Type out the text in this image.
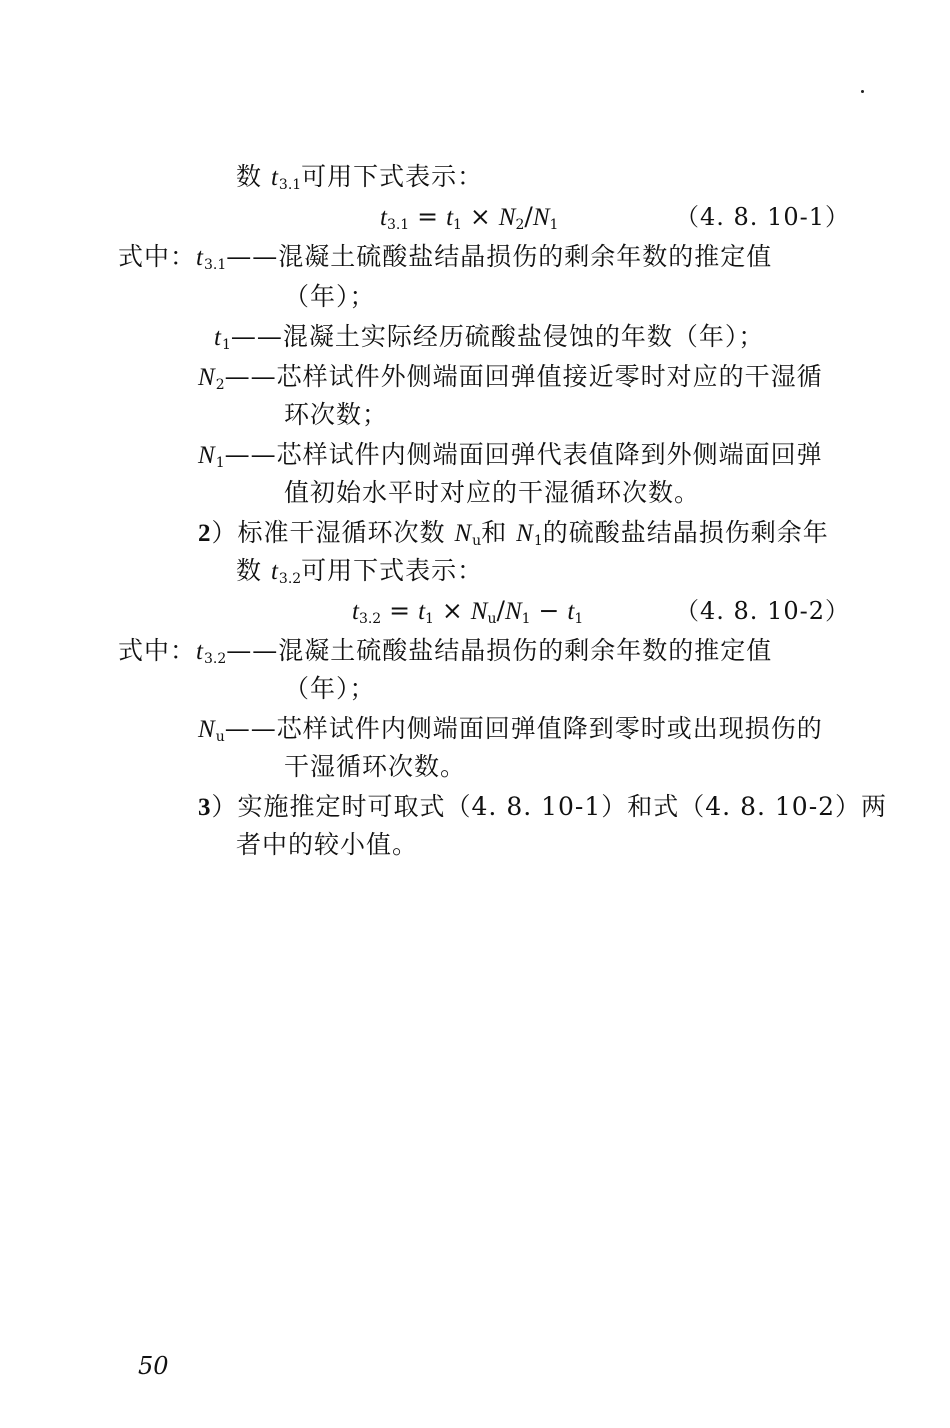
数 $t_{3.1}$可用下式表示：
$t_{3.1} = t_1 \times N_2/N_1$	（4. 8. 10-1）
式中：$t_{3.1}——$混凝土硫酸盐结晶损伤的剩余年数的推定值
（年）；
$t_1——$混凝土实际经历硫酸盐侵蚀的年数（年）；
$N_2——$芯样试件外侧端面回弹值接近零时对应的干湿循
环次数；
$N_1——$芯样试件内侧端面回弹代表值降到外侧端面回弹
值初始水平时对应的干湿循环次数。
2）标准干湿循环次数 $N_u$和 $N_1$的硫酸盐结晶损伤剩余年
数 $t_{3.2}$可用下式表示：
$t_{3.2} = t_1 \times N_u/N_1 - t_1$	（4. 8. 10-2）
式中：$t_{3.2}——$混凝土硫酸盐结晶损伤的剩余年数的推定值
（年）；
$N_u——$芯样试件内侧端面回弹值降到零时或出现损伤的
干湿循环次数。
3）实施推定时可取式（4. 8. 10-1）和式（4. 8. 10-2）两
者中的较小值。
50
